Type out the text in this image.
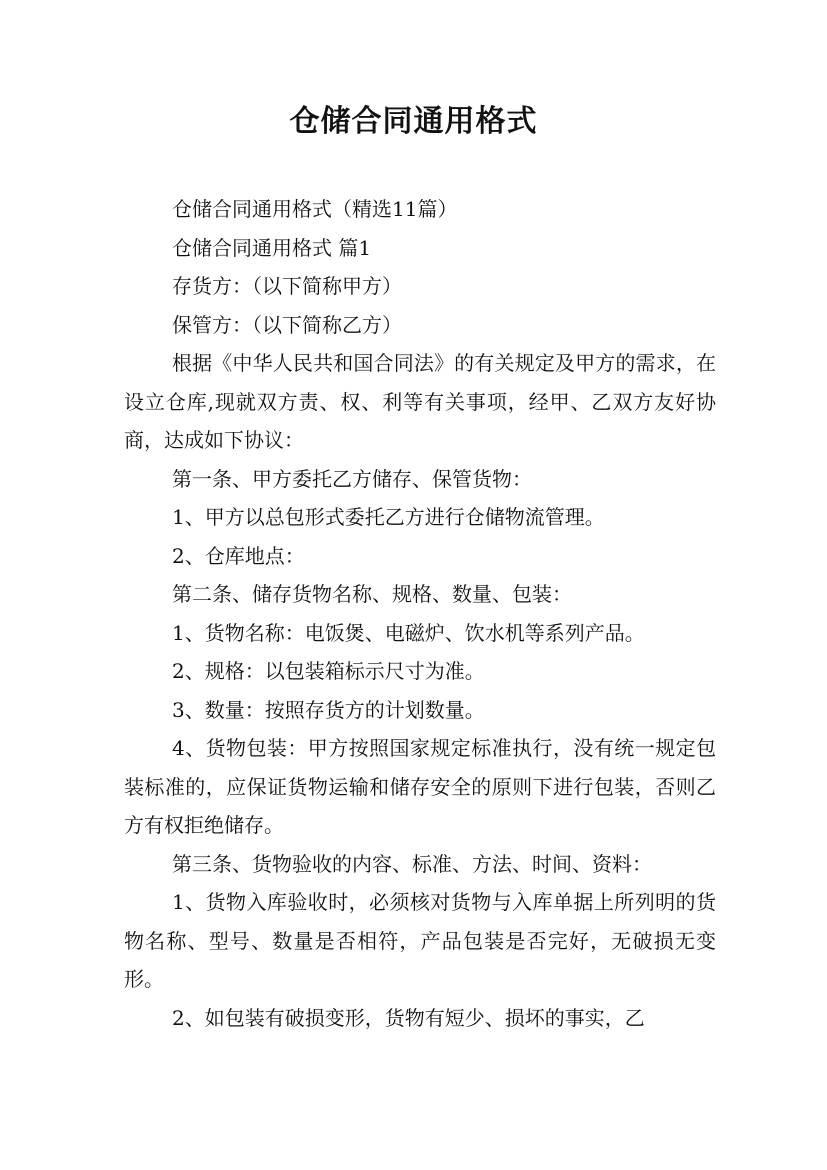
仓储合同通用格式

仓储合同通用格式（精选11篇）

仓储合同通用格式 篇1

存货方：（以下简称甲方）

保管方：（以下简称乙方）

根据《中华人民共和国合同法》的有关规定及甲方的需求，在设立仓库,现就双方责、权、利等有关事项，经甲、乙双方友好协商，达成如下协议：

第一条、甲方委托乙方储存、保管货物：

1、甲方以总包形式委托乙方进行仓储物流管理。

2、仓库地点：

第二条、储存货物名称、规格、数量、包装：

1、货物名称：电饭煲、电磁炉、饮水机等系列产品。

2、规格：以包装箱标示尺寸为准。

3、数量：按照存货方的计划数量。

4、货物包装：甲方按照国家规定标准执行，没有统一规定包装标准的，应保证货物运输和储存安全的原则下进行包装，否则乙方有权拒绝储存。

第三条、货物验收的内容、标准、方法、时间、资料：

1、货物入库验收时，必须核对货物与入库单据上所列明的货物名称、型号、数量是否相符，产品包装是否完好，无破损无变形。

2、如包装有破损变形，货物有短少、损坏的事实，乙
